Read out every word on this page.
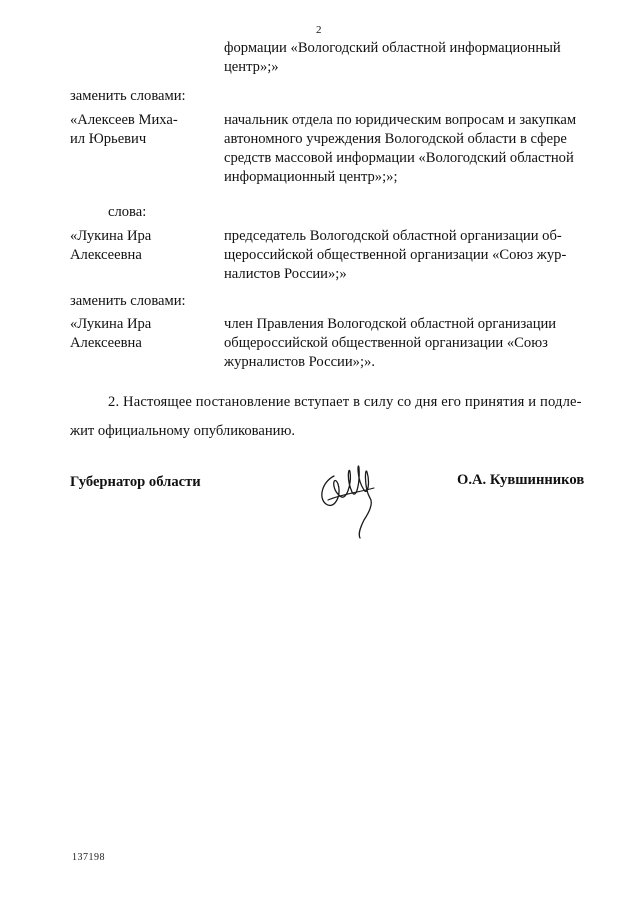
2
формации «Вологодский областной информационный
центр»;»
заменить словами:
«Алексеев Миха-
ил Юрьевич
начальник отдела по юридическим вопросам и закупкам
автономного учреждения Вологодской области в сфере
средств массовой информации «Вологодский областной
информационный центр»;»;
слова:
«Лукина Ира
Алексеевна
председатель Вологодской областной организации об-
щероссийской общественной организации «Союз жур-
налистов России»;»
заменить словами:
«Лукина Ира
Алексеевна
член Правления Вологодской областной организации
общероссийской общественной организации «Союз
журналистов России»;».
2. Настоящее постановление вступает в силу со дня его принятия и подле-
жит официальному опубликованию.
Губернатор области	О.А. Кувшинников
137198
